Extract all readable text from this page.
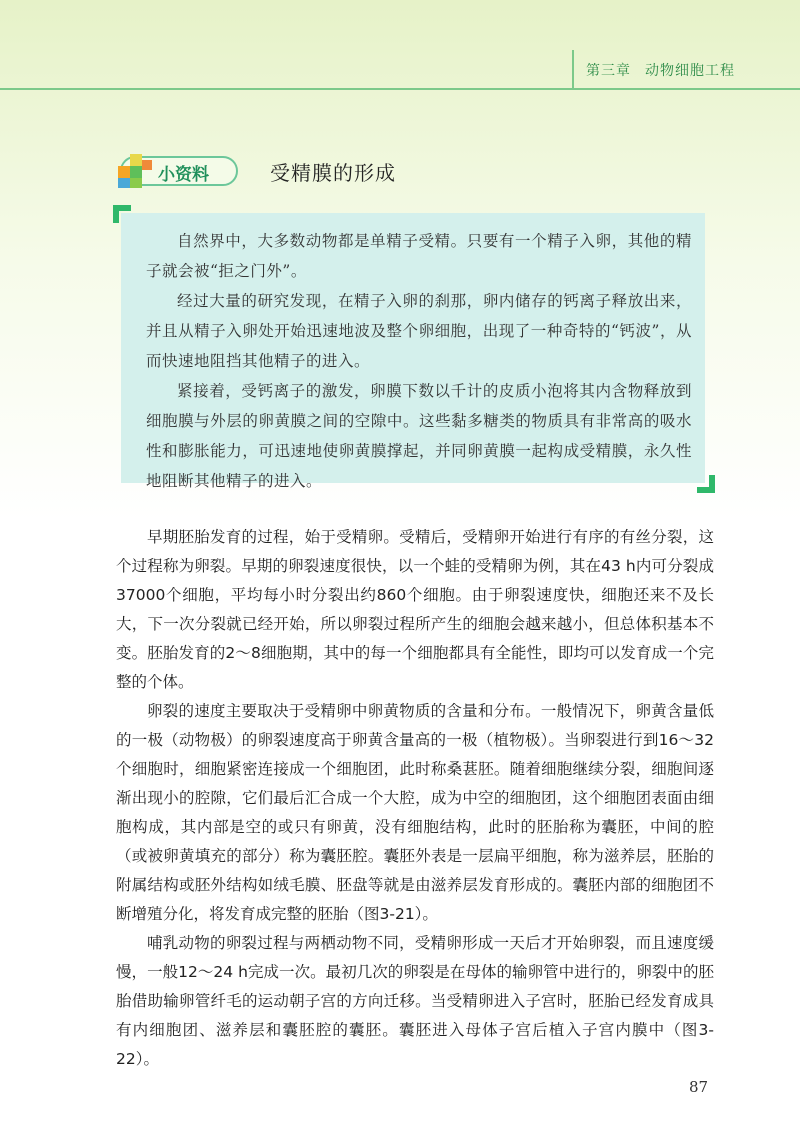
第三章 动物细胞工程
小资料	受精膜的形成

自然界中，大多数动物都是单精子受精。只要有一个精子入卵，其他的精子就会被“拒之门外”。

经过大量的研究发现，在精子入卵的刹那，卵内储存的钙离子释放出来，并且从精子入卵处开始迅速地波及整个卵细胞，出现了一种奇特的“钙波”，从而快速地阻挡其他精子的进入。

紧接着，受钙离子的激发，卵膜下数以千计的皮质小泡将其内含物释放到细胞膜与外层的卵黄膜之间的空隙中。这些黏多糖类的物质具有非常高的吸水性和膨胀能力，可迅速地使卵黄膜撑起，并同卵黄膜一起构成受精膜，永久性地阻断其他精子的进入。

早期胚胎发育的过程，始于受精卵。受精后，受精卵开始进行有序的有丝分裂，这个过程称为卵裂。早期的卵裂速度很快，以一个蛙的受精卵为例，其在43 h内可分裂成37000个细胞，平均每小时分裂出约860个细胞。由于卵裂速度快，细胞还来不及长大，下一次分裂就已经开始，所以卵裂过程所产生的细胞会越来越小，但总体积基本不变。胚胎发育的2～8细胞期，其中的每一个细胞都具有全能性，即均可以发育成一个完整的个体。

卵裂的速度主要取决于受精卵中卵黄物质的含量和分布。一般情况下，卵黄含量低的一极（动物极）的卵裂速度高于卵黄含量高的一极（植物极）。当卵裂进行到16～32个细胞时，细胞紧密连接成一个细胞团，此时称桑葚胚。随着细胞继续分裂，细胞间逐渐出现小的腔隙，它们最后汇合成一个大腔，成为中空的细胞团，这个细胞团表面由细胞构成，其内部是空的或只有卵黄，没有细胞结构，此时的胚胎称为囊胚，中间的腔（或被卵黄填充的部分）称为囊胚腔。囊胚外表是一层扁平细胞，称为滋养层，胚胎的附属结构或胚外结构如绒毛膜、胚盘等就是由滋养层发育形成的。囊胚内部的细胞团不断增殖分化，将发育成完整的胚胎（图3-21）。

哺乳动物的卵裂过程与两栖动物不同，受精卵形成一天后才开始卵裂，而且速度缓慢，一般12～24 h完成一次。最初几次的卵裂是在母体的输卵管中进行的，卵裂中的胚胎借助输卵管纤毛的运动朝子宫的方向迁移。当受精卵进入子宫时，胚胎已经发育成具有内细胞团、滋养层和囊胚腔的囊胚。囊胚进入母体子宫后植入子宫内膜中（图3-22）。

87
